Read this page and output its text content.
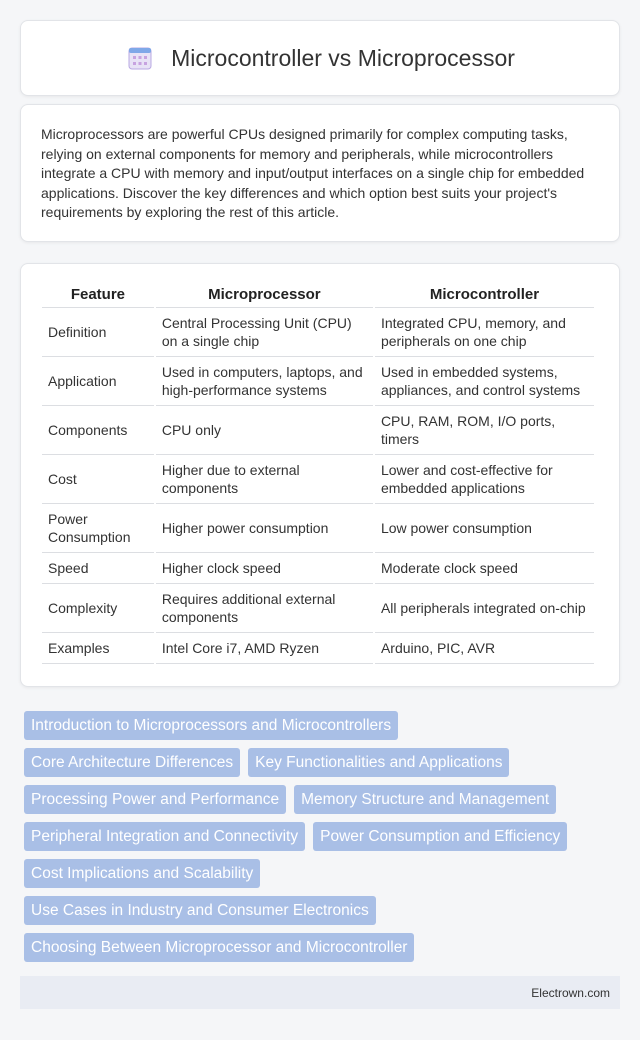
Microcontroller vs Microprocessor

Microprocessors are powerful CPUs designed primarily for complex computing tasks, relying on external components for memory and peripherals, while microcontrollers integrate a CPU with memory and input/output interfaces on a single chip for embedded applications. Discover the key differences and which option best suits your project's requirements by exploring the rest of this article.

Feature	Microprocessor	Microcontroller
Definition	Central Processing Unit (CPU) on a single chip	Integrated CPU, memory, and peripherals on one chip
Application	Used in computers, laptops, and high-performance systems	Used in embedded systems, appliances, and control systems
Components	CPU only	CPU, RAM, ROM, I/O ports, timers
Cost	Higher due to external components	Lower and cost-effective for embedded applications
Power Consumption	Higher power consumption	Low power consumption
Speed	Higher clock speed	Moderate clock speed
Complexity	Requires additional external components	All peripherals integrated on-chip
Examples	Intel Core i7, AMD Ryzen	Arduino, PIC, AVR
Introduction to Microprocessors and Microcontrollers
Core Architecture Differences	Key Functionalities and Applications
Processing Power and Performance	Memory Structure and Management
Peripheral Integration and Connectivity	Power Consumption and Efficiency
Cost Implications and Scalability
Use Cases in Industry and Consumer Electronics
Choosing Between Microprocessor and Microcontroller
Electrown.com
